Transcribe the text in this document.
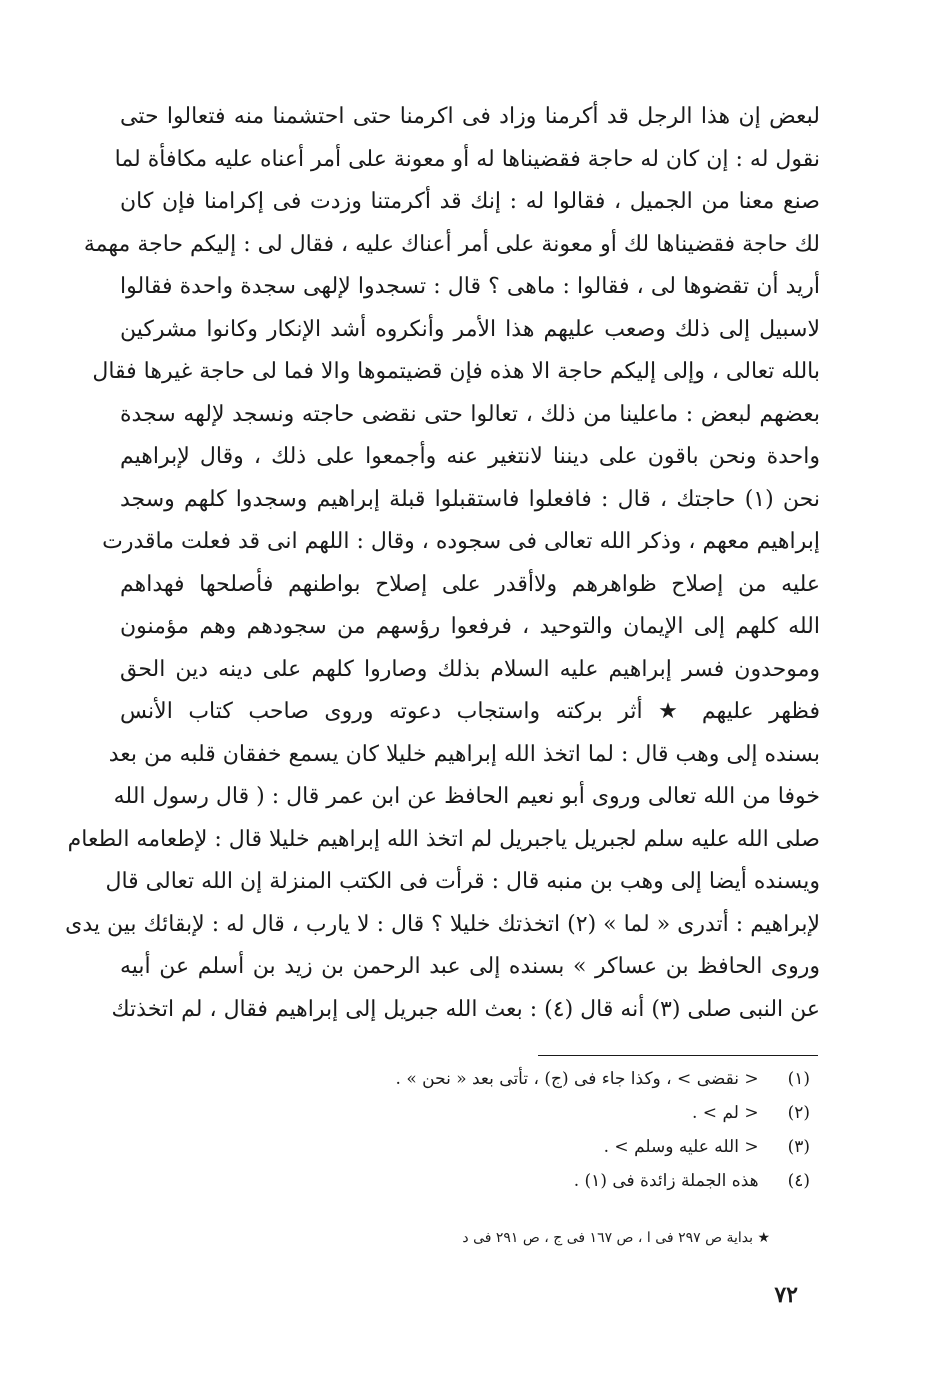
لبعض إن هذا الرجل قد أكرمنا وزاد فى اكرمنا حتى احتشمنا منه فتعالوا حتى
نقول له : إن كان له حاجة فقضيناها له أو معونة على أمر أعناه عليه مكافأة لما
صنع معنا من الجميل ، فقالوا له : إنك قد أكرمتنا وزدت فى إكرامنا فإن كان
لك حاجة فقضيناها لك أو معونة على أمر أعناك عليه ، فقال لى : إليكم حاجة مهمة
أريد أن تقضوها لى ، فقالوا : ماهى ؟ قال : تسجدوا لإلهى سجدة واحدة فقالوا
لاسبيل إلى ذلك وصعب عليهم هذا الأمر وأنكروه أشد الإنكار وكانوا مشركين
بالله تعالى ، وإلى إليكم حاجة الا هذه فإن قضيتموها والا فما لى حاجة غيرها فقال
بعضهم لبعض : ماعلينا من ذلك ، تعالوا حتى نقضى حاجته ونسجد لإلهه سجدة
واحدة ونحن باقون على ديننا لانتغير عنه وأجمعوا على ذلك ، وقال لإبراهيم
نحن (١) حاجتك ، قال : فافعلوا فاستقبلوا قبلة إبراهيم وسجدوا كلهم وسجد
إبراهيم معهم ، وذكر الله تعالى فى سجوده ، وقال : اللهم انى قد فعلت ماقدرت
عليه من إصلاح ظواهرهم ولاأقدر على إصلاح بواطنهم فأصلحها فهداهم
الله كلهم إلى الإيمان والتوحيد ، فرفعوا رؤسهم من سجودهم وهم مؤمنون
وموحدون فسر إبراهيم عليه السلام بذلك وصاروا كلهم على دينه دين الحق
فظهر عليهم ★ أثر بركته واستجاب دعوته وروى صاحب كتاب الأنس
بسنده إلى وهب قال : لما اتخذ الله إبراهيم خليلا كان يسمع خفقان قلبه من بعد
خوفا من الله تعالى وروى أبو نعيم الحافظ عن ابن عمر قال : ( قال رسول الله
صلى الله عليه سلم لجبريل ياجبريل لم اتخذ الله إبراهيم خليلا قال : لإطعامه الطعام
ويسنده أيضا إلى وهب بن منبه قال : قرأت فى الكتب المنزلة إن الله تعالى قال
لإبراهيم : أتدرى « لما » (٢) اتخذتك خليلا ؟ قال : لا يارب ، قال له : لإبقائك بين يدى
وروى الحافظ بن عساكر » بسنده إلى عبد الرحمن بن زيد بن أسلم عن أبيه
عن النبى صلى (٣) أنه قال (٤) : بعث الله جبريل إلى إبراهيم فقال ، لم اتخذتك
(١) < نقضى > ، وكذا جاء فى (ج) ، تأتى بعد « نحن » .
(٢) < لم > .
(٣) < الله عليه وسلم > .
(٤) هذه الجملة زائدة فى (١) .
★ بداية ص ٢٩٧ فى ا ، ص ١٦٧ فى ج ، ص ٢٩١ فى د
٧٢
